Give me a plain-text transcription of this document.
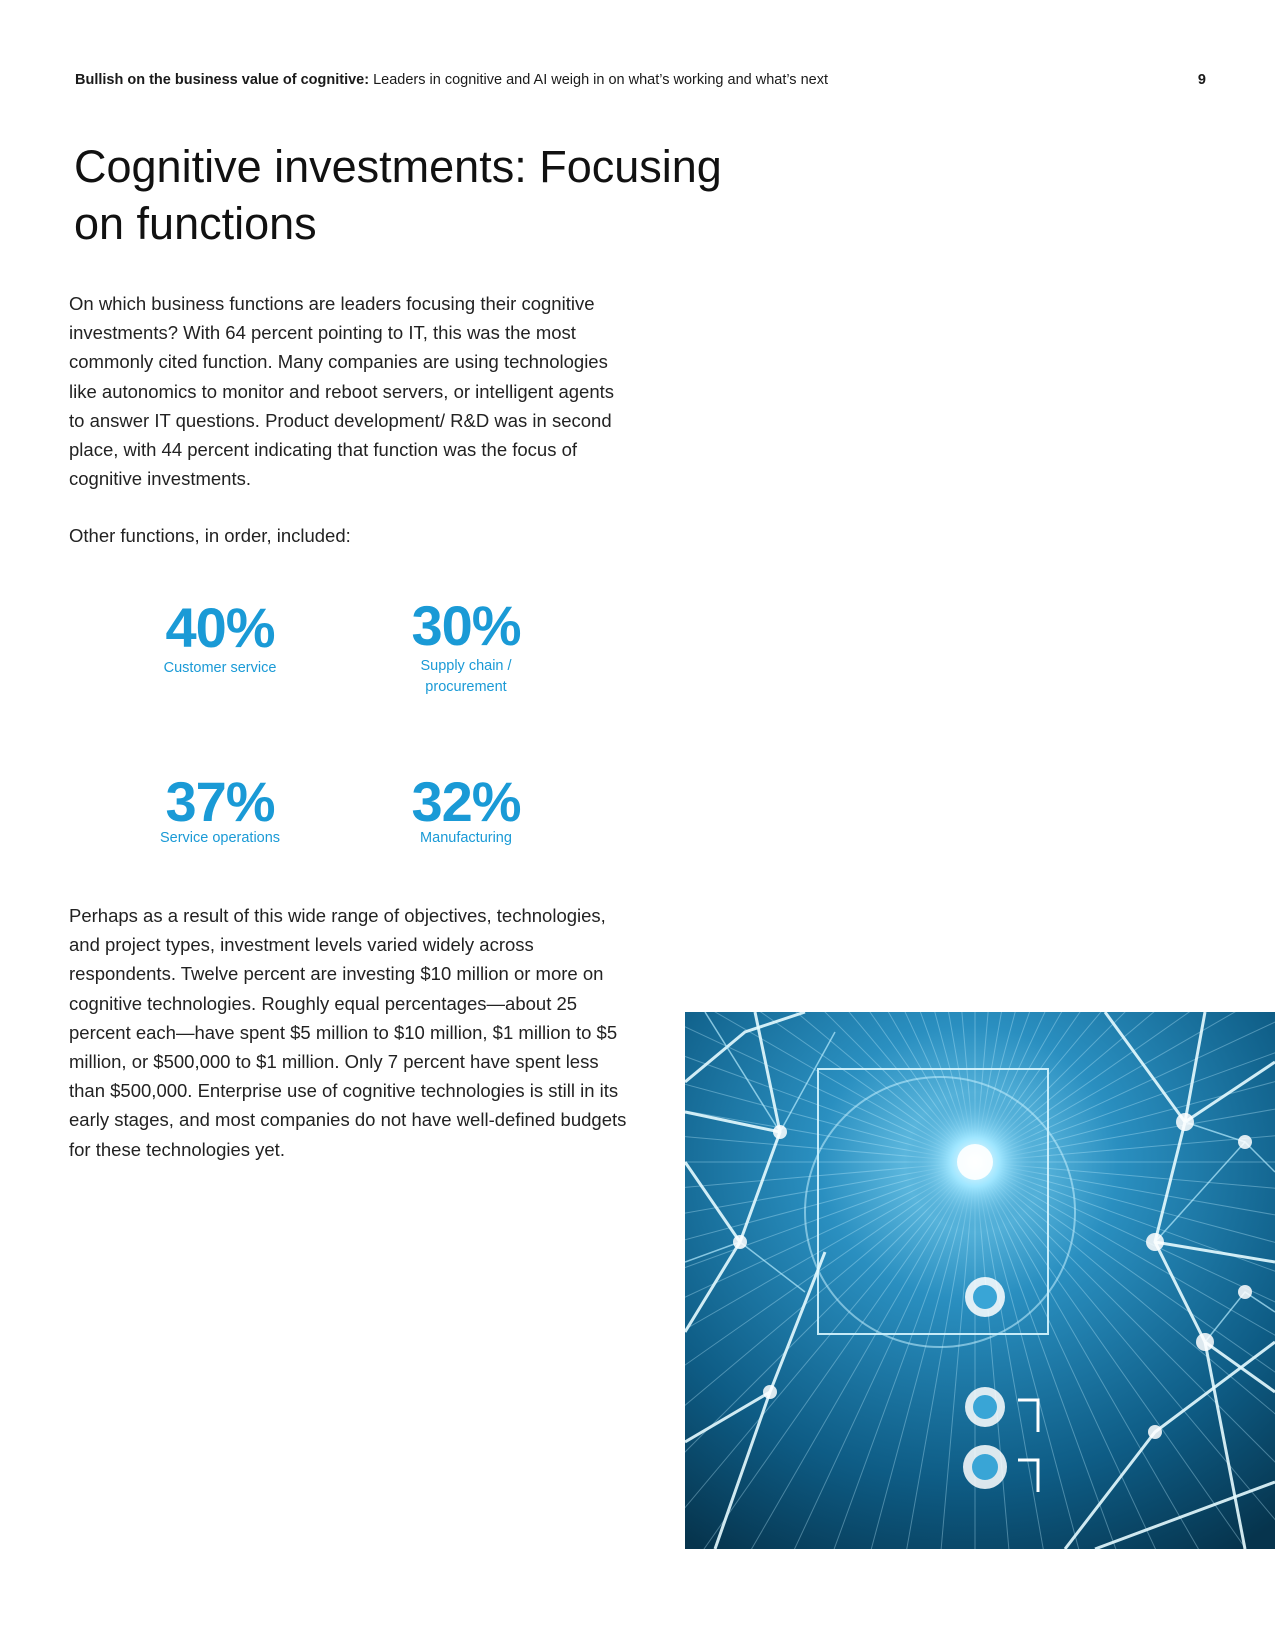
Bullish on the business value of cognitive: Leaders in cognitive and AI weigh in on what’s working and what’s next	9
Cognitive investments: Focusing on functions

On which business functions are leaders focusing their cognitive investments? With 64 percent pointing to IT, this was the most commonly cited function. Many companies are using technologies like autonomics to monitor and reboot servers, or intelligent agents to answer IT questions. Product development/ R&D was in second place, with 44 percent indicating that function was the focus of cognitive investments.

Other functions, in order, included:

40%
Customer service
30%
Supply chain / procurement
37%
Service operations
32%
Manufacturing

Perhaps as a result of this wide range of objectives, technologies, and project types, investment levels varied widely across respondents. Twelve percent are investing $10 million or more on cognitive technologies. Roughly equal percentages—about 25 percent each—have spent $5 million to $10 million, $1 million to $5 million, or $500,000 to $1 million. Only 7 percent have spent less than $500,000. Enterprise use of cognitive technologies is still in its early stages, and most companies do not have well-defined budgets for these technologies yet.
